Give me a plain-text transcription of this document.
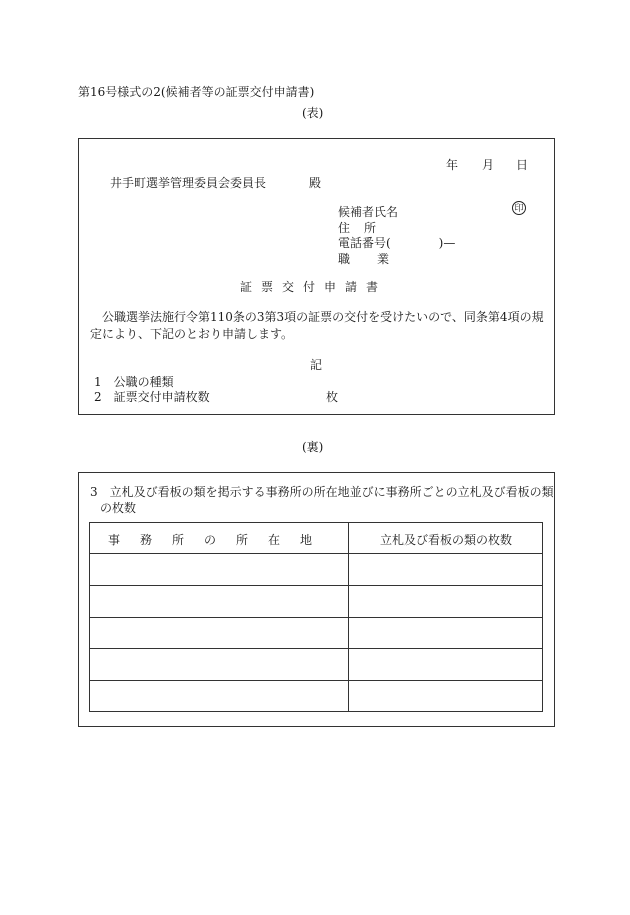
第16号様式の2(候補者等の証票交付申請書)
(表)
年 月 日
井手町選挙管理委員会委員長	殿
候補者氏名	印
住所
電話番号(　　　　)—
職業
証票交付申請書
公職選挙法施行令第110条の3第3項の証票の交付を受けたいので、同条第4項の規定により、下記のとおり申請します。
記
1　公職の種類
2　証票交付申請枚数	枚
(裏)
3　立札及び看板の類を掲示する事務所の所在地並びに事務所ごとの立札及び看板の類の枚数
事務所の所在地	立札及び看板の類の枚数
